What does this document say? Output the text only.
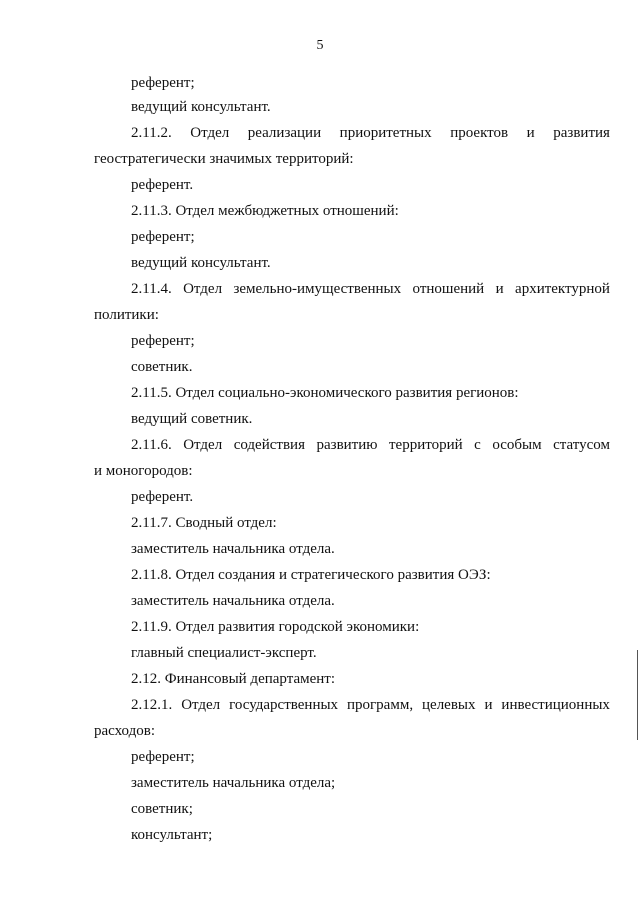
5
референт;
ведущий консультант.
2.11.2. Отдел реализации приоритетных проектов и развития
геостратегически значимых территорий:
референт.
2.11.3. Отдел межбюджетных отношений:
референт;
ведущий консультант.
2.11.4. Отдел земельно-имущественных отношений и архитектурной
политики:
референт;
советник.
2.11.5. Отдел социально-экономического развития регионов:
ведущий советник.
2.11.6. Отдел содействия развитию территорий с особым статусом
и моногородов:
референт.
2.11.7. Сводный отдел:
заместитель начальника отдела.
2.11.8. Отдел создания и стратегического развития ОЭЗ:
заместитель начальника отдела.
2.11.9. Отдел развития городской экономики:
главный специалист-эксперт.
2.12. Финансовый департамент:
2.12.1. Отдел государственных программ, целевых и инвестиционных
расходов:
референт;
заместитель начальника отдела;
советник;
консультант;
